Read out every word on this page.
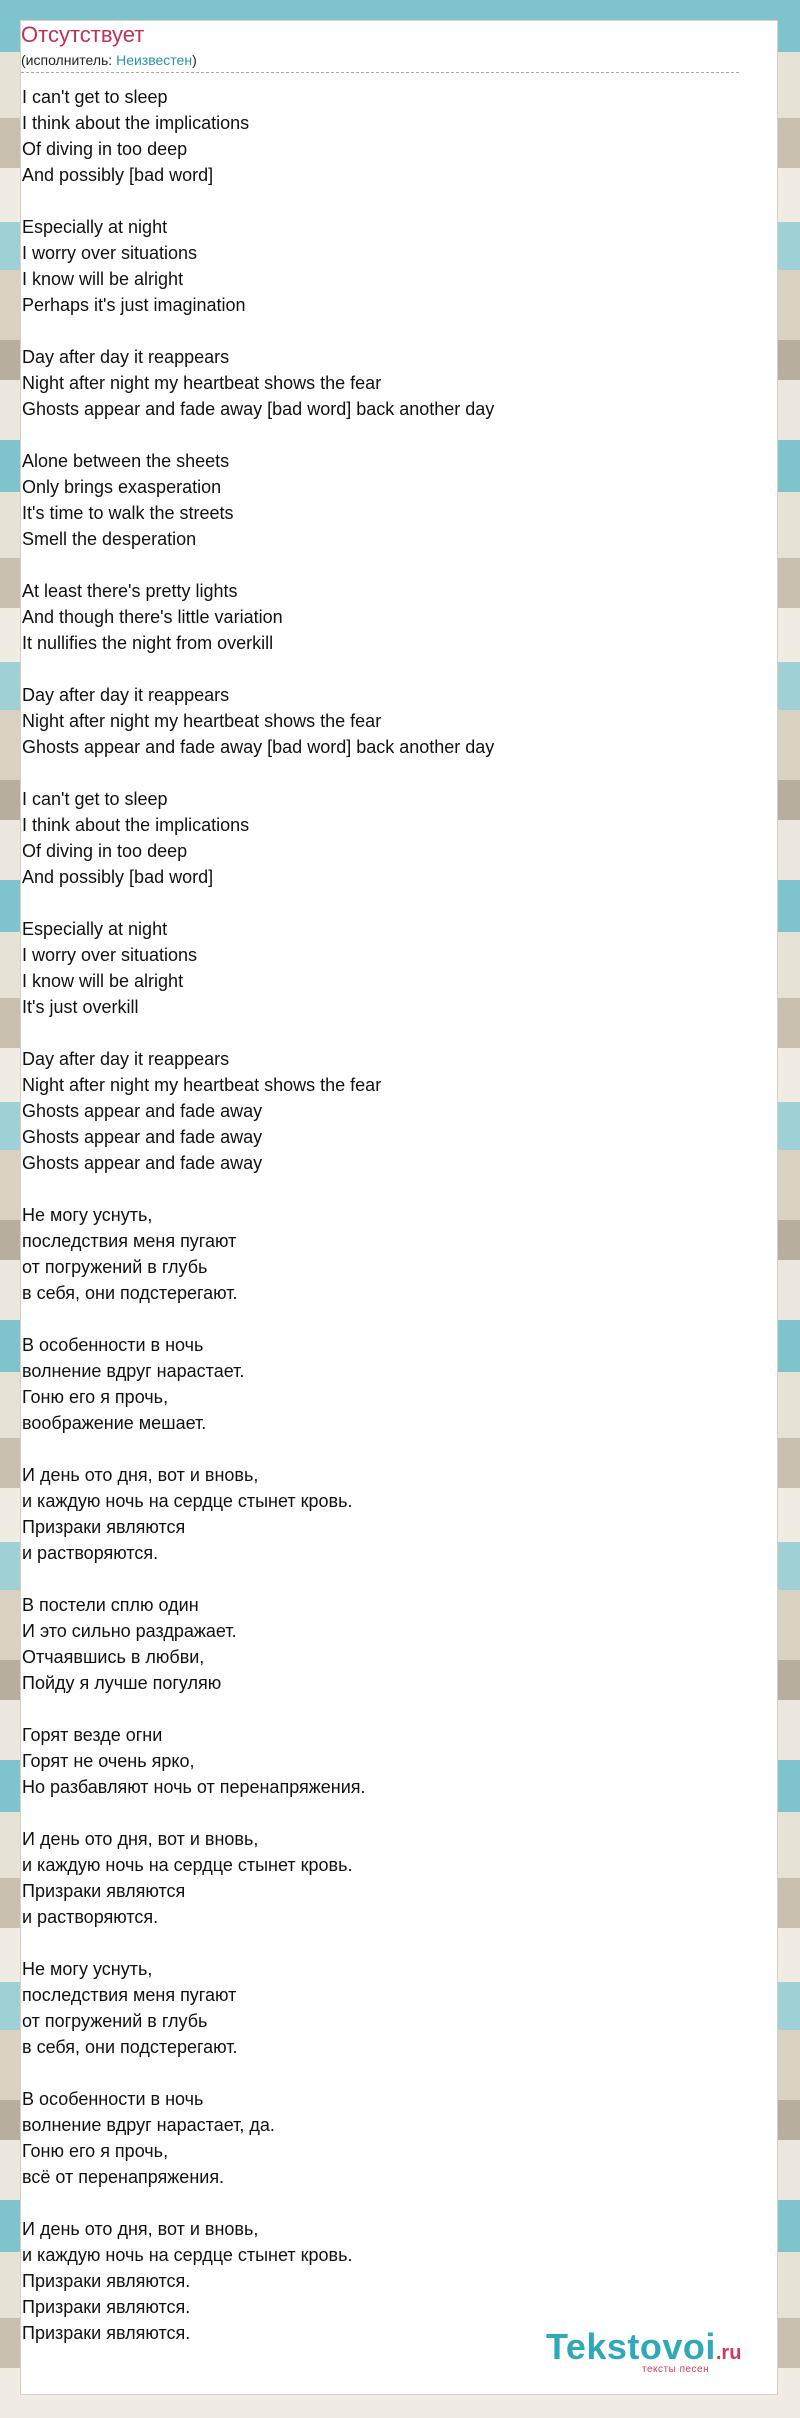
Отсутствует
(исполнитель: Неизвестен)
I can't get to sleep
I think about the implications
Of diving in too deep
And possibly [bad word]
Especially at night
I worry over situations
I know will be alright
Perhaps it's just imagination
Day after day it reappears
Night after night my heartbeat shows the fear
Ghosts appear and fade away [bad word] back another day
Alone between the sheets
Only brings exasperation
It's time to walk the streets
Smell the desperation
At least there's pretty lights
And though there's little variation
It nullifies the night from overkill
Day after day it reappears
Night after night my heartbeat shows the fear
Ghosts appear and fade away [bad word] back another day
I can't get to sleep
I think about the implications
Of diving in too deep
And possibly [bad word]
Especially at night
I worry over situations
I know will be alright
It's just overkill
Day after day it reappears
Night after night my heartbeat shows the fear
Ghosts appear and fade away
Ghosts appear and fade away
Ghosts appear and fade away
Не могу уснуть,
последствия меня пугают
от погружений в глубь
в себя, они подстерегают.
В особенности в ночь
волнение вдруг нарастает.
Гоню его я прочь,
воображение мешает.
И день ото дня, вот и вновь,
и каждую ночь на сердце стынет кровь.
Призраки являются
и растворяются.
В постели сплю один
И это сильно раздражает.
Отчаявшись в любви,
Пойду я лучше погуляю
Горят везде огни
Горят не очень ярко,
Но разбавляют ночь от перенапряжения.
И день ото дня, вот и вновь,
и каждую ночь на сердце стынет кровь.
Призраки являются
и растворяются.
Не могу уснуть,
последствия меня пугают
от погружений в глубь
в себя, они подстерегают.
В особенности в ночь
волнение вдруг нарастает, да.
Гоню его я прочь,
всё от перенапряжения.
И день ото дня, вот и вновь,
и каждую ночь на сердце стынет кровь.
Призраки являются.
Призраки являются.
Призраки являются.	Tekstovoi.ru
тексты песен
